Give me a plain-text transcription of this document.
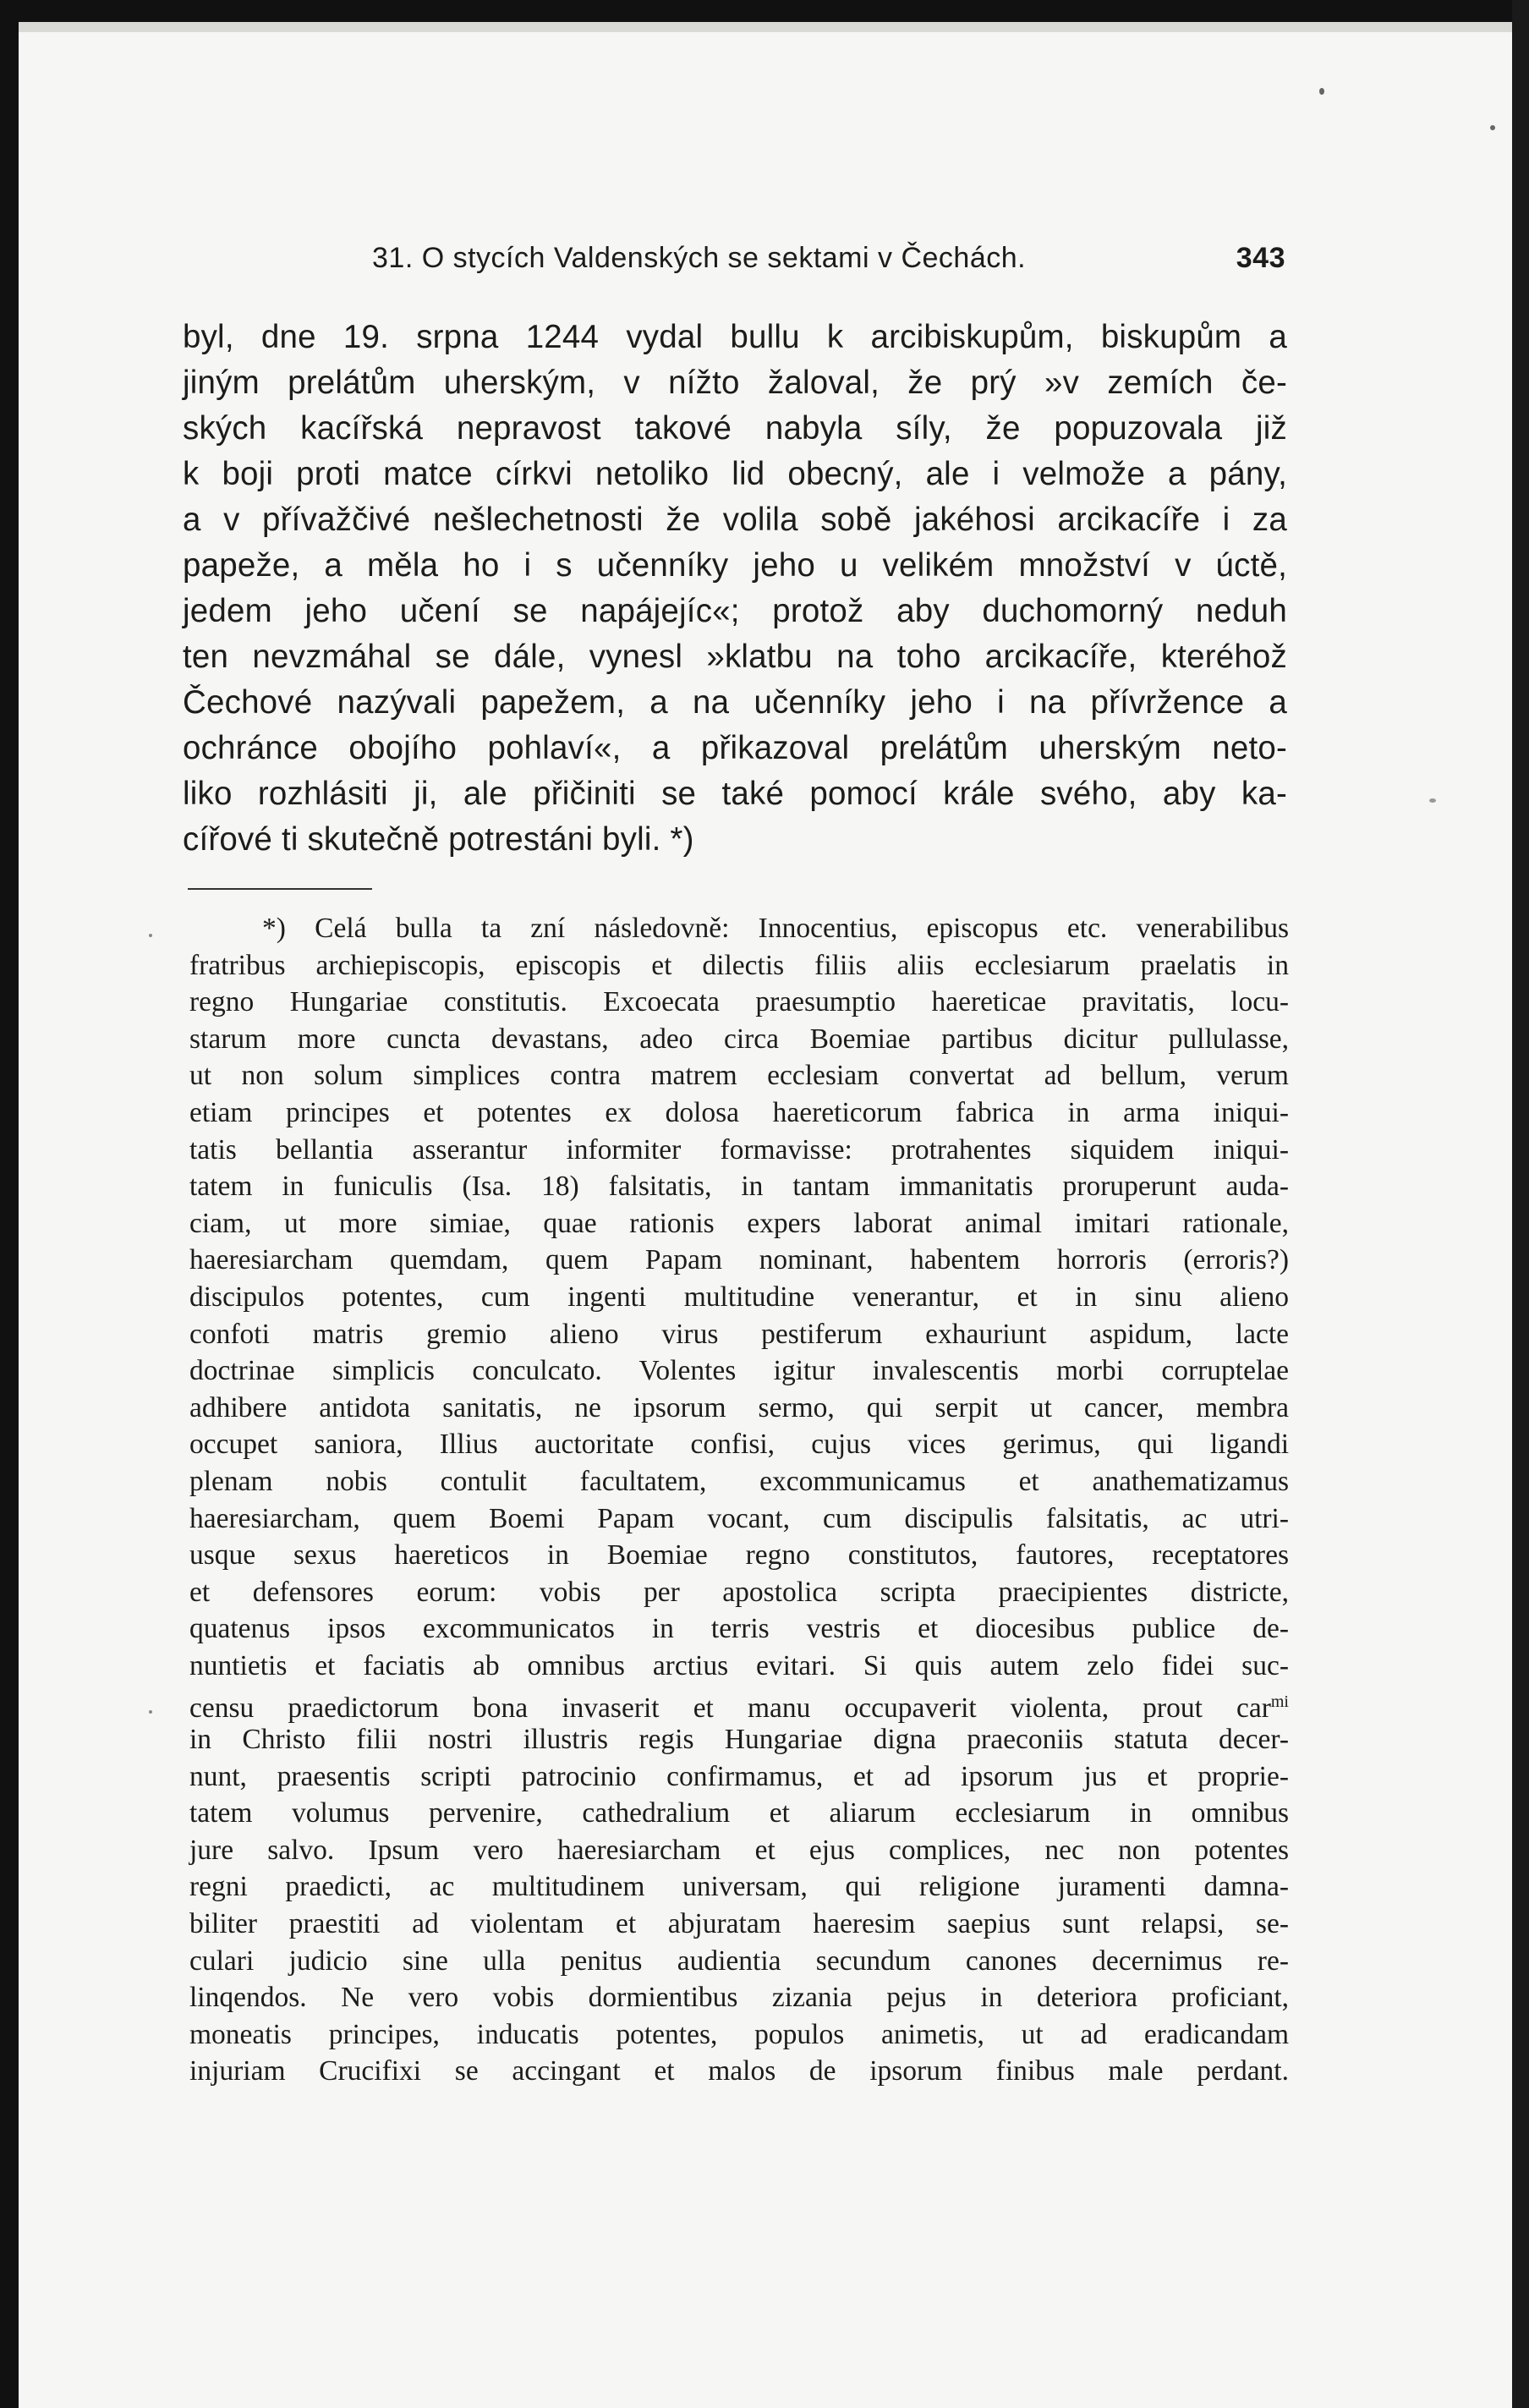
31. O stycích Valdenských se sektami v Čechách.	343
byl, dne 19. srpna 1244 vydal bullu k arcibiskupům, biskupům a
jiným prelátům uherským, v nížto žaloval, že prý »v zemích če-
ských kacířská nepravost takové nabyla síly, že popuzovala již
k boji proti matce církvi netoliko lid obecný, ale i velmože a pány,
a v přívažčivé nešlechetnosti že volila sobě jakéhosi arcikacíře i za
papeže, a měla ho i s učenníky jeho u velikém množství v úctě,
jedem jeho učení se napájejíc«; protož aby duchomorný neduh
ten nevzmáhal se dále, vynesl »klatbu na toho arcikacíře, kteréhož
Čechové nazývali papežem, a na učenníky jeho i na přívržence a
ochránce obojího pohlaví«, a přikazoval prelátům uherským neto-
liko rozhlásiti ji, ale přičiniti se také pomocí krále svého, aby ka-
cířové ti skutečně potrestáni byli. *)
*) Celá bulla ta zní následovně: Innocentius, episcopus etc. venerabilibus
fratribus archiepiscopis, episcopis et dilectis filiis aliis ecclesiarum praelatis in
regno Hungariae constitutis. Excoecata praesumptio haereticae pravitatis, locu-
starum more cuncta devastans, adeo circa Boemiae partibus dicitur pullulasse,
ut non solum simplices contra matrem ecclesiam convertat ad bellum, verum
etiam principes et potentes ex dolosa haereticorum fabrica in arma iniqui-
tatis bellantia asserantur informiter formavisse: protrahentes siquidem iniqui-
tatem in funiculis (Isa. 18) falsitatis, in tantam immanitatis proruperunt auda-
ciam, ut more simiae, quae rationis expers laborat animal imitari rationale,
haeresiarcham quemdam, quem Papam nominant, habentem horroris (erroris?)
discipulos potentes, cum ingenti multitudine venerantur, et in sinu alieno
confoti matris gremio alieno virus pestiferum exhauriunt aspidum, lacte
doctrinae simplicis conculcato. Volentes igitur invalescentis morbi corruptelae
adhibere antidota sanitatis, ne ipsorum sermo, qui serpit ut cancer, membra
occupet saniora, Illius auctoritate confisi, cujus vices gerimus, qui ligandi
plenam nobis contulit facultatem, excommunicamus et anathematizamus
haeresiarcham, quem Boemi Papam vocant, cum discipulis falsitatis, ac utri-
usque sexus haereticos in Boemiae regno constitutos, fautores, receptatores
et defensores eorum: vobis per apostolica scripta praecipientes districte,
quatenus ipsos excommunicatos in terris vestris et diocesibus publice de-
nuntietis et faciatis ab omnibus arctius evitari. Si quis autem zelo fidei suc-
censu praedictorum bona invaserit et manu occupaverit violenta, prout car$^{mi}$
in Christo filii nostri illustris regis Hungariae digna praeconiis statuta decer-
nunt, praesentis scripti patrocinio confirmamus, et ad ipsorum jus et proprie-
tatem volumus pervenire, cathedralium et aliarum ecclesiarum in omnibus
jure salvo. Ipsum vero haeresiarcham et ejus complices, nec non potentes
regni praedicti, ac multitudinem universam, qui religione juramenti damna-
biliter praestiti ad violentam et abjuratam haeresim saepius sunt relapsi, se-
culari judicio sine ulla penitus audientia secundum canones decernimus re-
linqendos. Ne vero vobis dormientibus zizania pejus in deteriora proficiant,
moneatis principes, inducatis potentes, populos animetis, ut ad eradicandam
injuriam Crucifixi se accingant et malos de ipsorum finibus male perdant.
